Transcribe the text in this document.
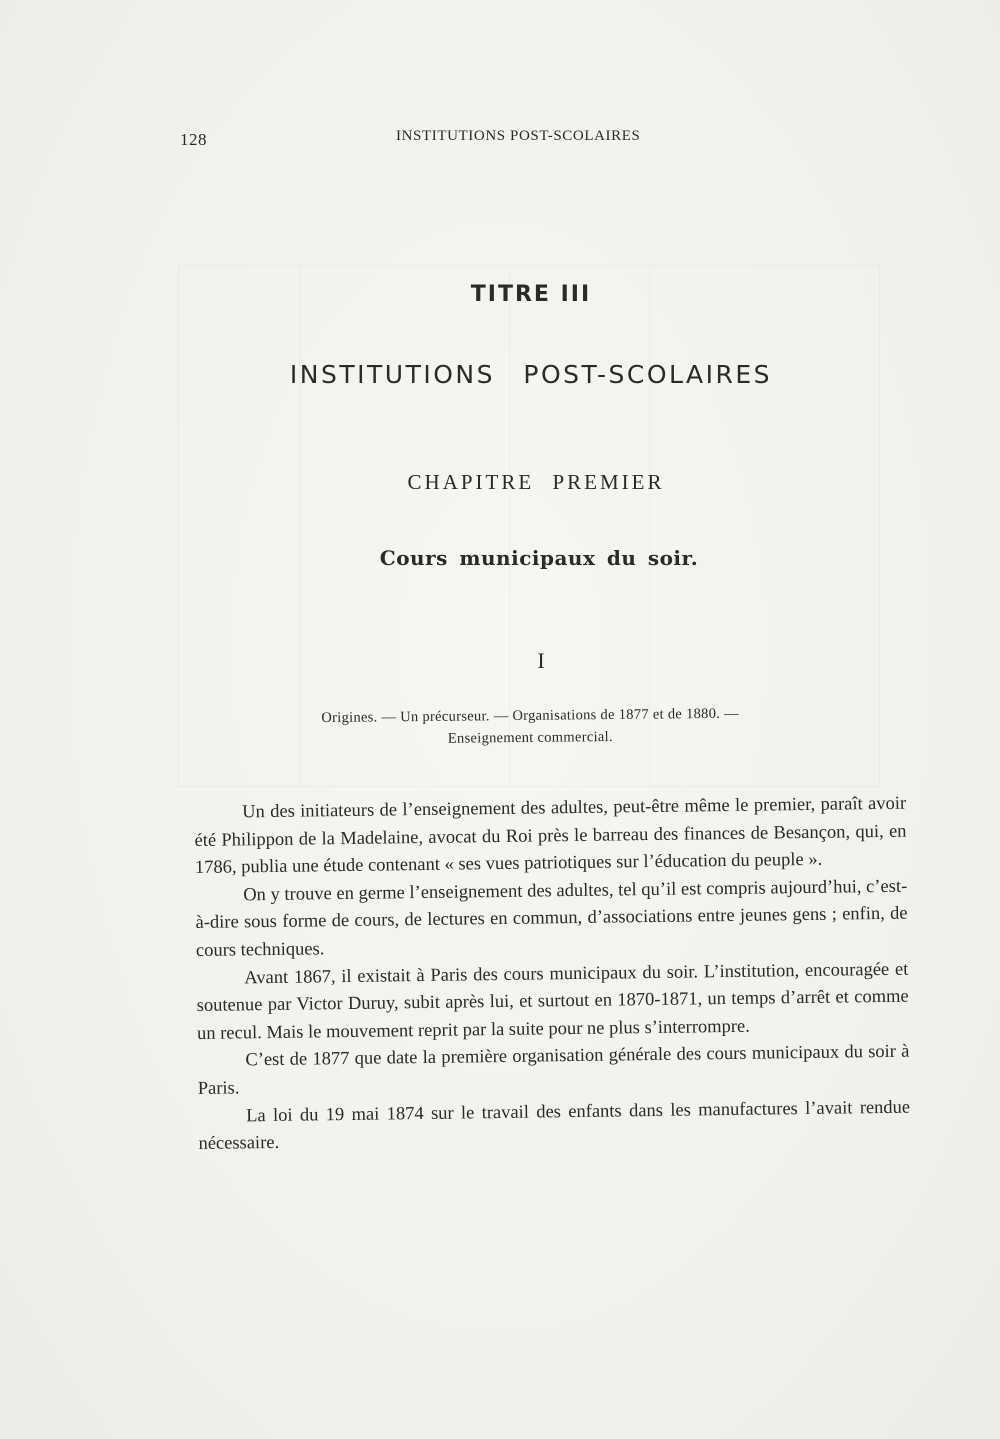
128	INSTITUTIONS POST-SCOLAIRES
TITRE III
INSTITUTIONS POST-SCOLAIRES
CHAPITRE PREMIER
Cours municipaux du soir.
I
Origines. — Un précurseur. — Organisations de 1877 et de 1880. —
Enseignement commercial.

Un des initiateurs de l’enseignement des adultes, peut-être même le premier, paraît avoir été Philippon de la Madelaine, avocat du Roi près le barreau des finances de Besançon, qui, en 1786, publia une étude contenant « ses vues patriotiques sur l’éducation du peuple ».

On y trouve en germe l’enseignement des adultes, tel qu’il est compris aujourd’hui, c’est-à-dire sous forme de cours, de lectures en commun, d’associations entre jeunes gens ; enfin, de cours techniques.

Avant 1867, il existait à Paris des cours municipaux du soir. L’institution, encouragée et soutenue par Victor Duruy, subit après lui, et surtout en 1870-1871, un temps d’arrêt et comme un recul. Mais le mouvement reprit par la suite pour ne plus s’interrompre.

C’est de 1877 que date la première organisation générale des cours municipaux du soir à Paris.

La loi du 19 mai 1874 sur le travail des enfants dans les manufactures l’avait rendue nécessaire.
